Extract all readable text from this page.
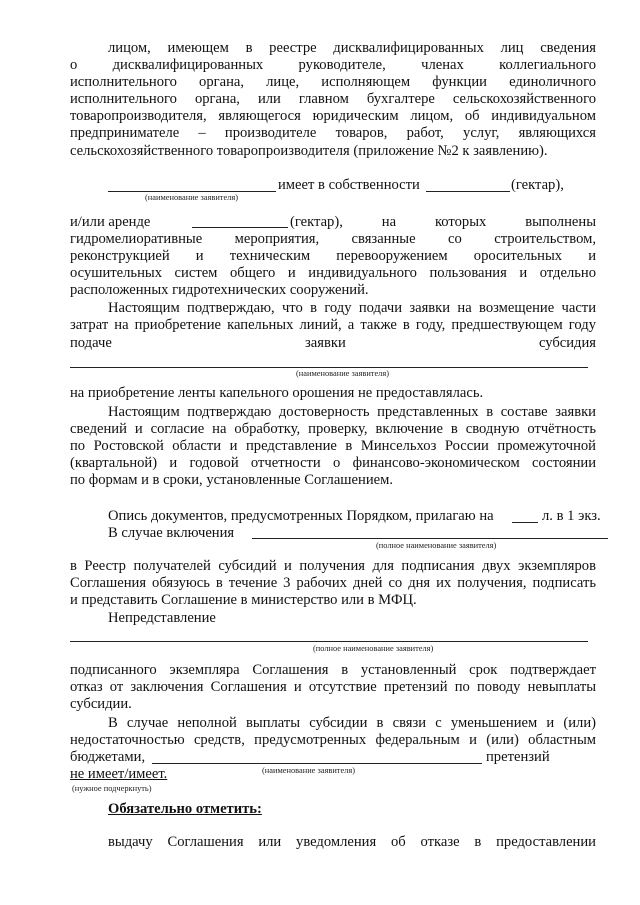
лицом, имеющем в реестре дисквалифицированных лиц сведения
о дисквалифицированных руководителе, членах коллегиального
исполнительного органа, лице, исполняющем функции единоличного
исполнительного органа, или главном бухгалтере сельскохозяйственного
товаропроизводителя, являющегося юридическим лицом, об индивидуальном
предпринимателе – производителе товаров, работ, услуг, являющихся
сельскохозяйственного товаропроизводителя (приложение №2 к заявлению).
имеет в собственности	(гектар),
(наименование заявителя)
и/или аренде	(гектар), на которых выполнены
гидромелиоративные мероприятия, связанные со строительством,
реконструкцией и техническим перевооружением оросительных и
осушительных систем общего и индивидуального пользования и отдельно
расположенных гидротехнических сооружений.
Настоящим подтверждаю, что в году подачи заявки на возмещение части
затрат на приобретение капельных линий, а также в году, предшествующем году
подаче заявки субсидия
(наименование заявителя)
на приобретение ленты капельного орошения не предоставлялась.
Настоящим подтверждаю достоверность представленных в составе заявки
сведений и согласие на обработку, проверку, включение в сводную отчётность
по Ростовской области и представление в Минсельхоз России промежуточной
(квартальной) и годовой отчетности о финансово-экономическом состоянии
по формам и в сроки, установленные Соглашением.
Опись документов, предусмотренных Порядком, прилагаю на	л. в 1 экз.
В случае включения
(полное наименование заявителя)
в Реестр получателей субсидий и получения для подписания двух экземпляров
Соглашения обязуюсь в течение 3 рабочих дней со дня их получения, подписать
и представить Соглашение в министерство или в МФЦ.
Непредставление
(полное наименование заявителя)
подписанного экземпляра Соглашения в установленный срок подтверждает
отказ от заключения Соглашения и отсутствие претензий по поводу невыплаты
субсидии.
В случае неполной выплаты субсидии в связи с уменьшением и (или)
недостаточностью средств, предусмотренных федеральным и (или) областным
бюджетами,	претензий
(наименование заявителя)
не имеет/имеет.
(нужное подчеркнуть)
Обязательно отметить:
выдачу Соглашения или уведомления об отказе в предоставлении
